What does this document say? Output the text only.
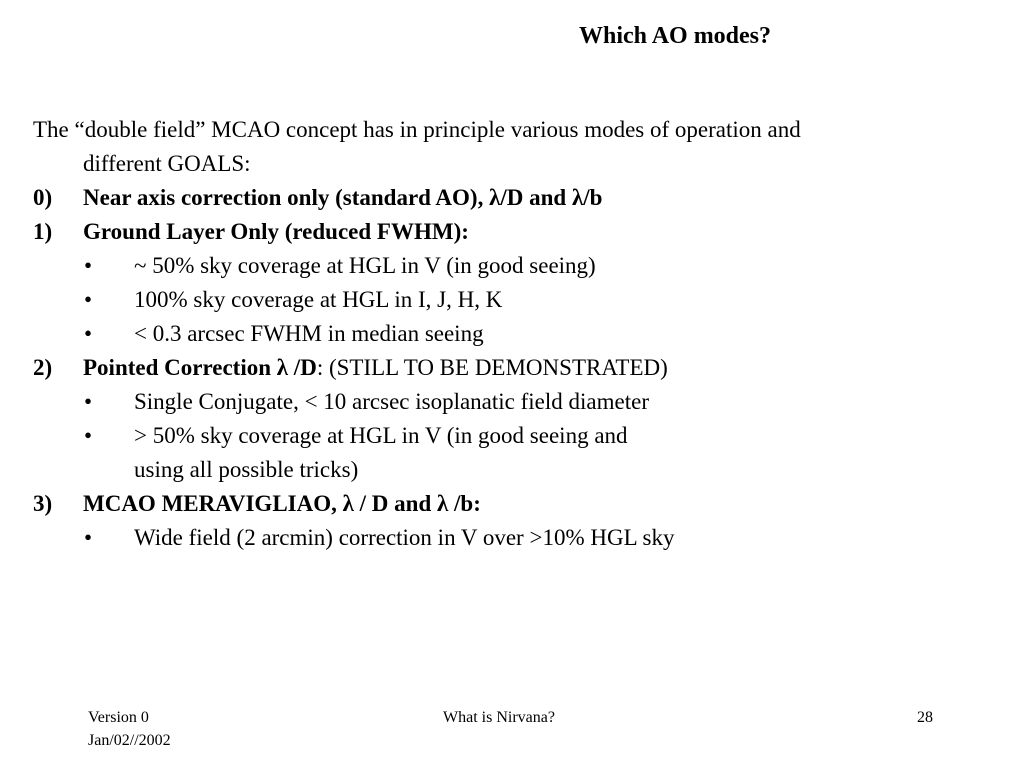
Which AO modes?
The “double field” MCAO concept has in principle various modes of operation and
different GOALS:
0) Near axis correction only (standard AO), λ/D and λ/b
1) Ground Layer Only (reduced FWHM):
• ~ 50% sky coverage at HGL in V (in good seeing)
• 100% sky coverage at HGL in I, J, H, K
• < 0.3 arcsec FWHM in median seeing
2) Pointed Correction λ /D: (STILL TO BE DEMONSTRATED)
• Single Conjugate, < 10 arcsec isoplanatic field diameter
• > 50% sky coverage at HGL in V (in good seeing and
using all possible tricks)
3) MCAO MERAVIGLIAO, λ / D and λ /b:
• Wide field (2 arcmin) correction in V over >10% HGL sky
Version 0
Jan/02//2002
What is Nirvana?	28
